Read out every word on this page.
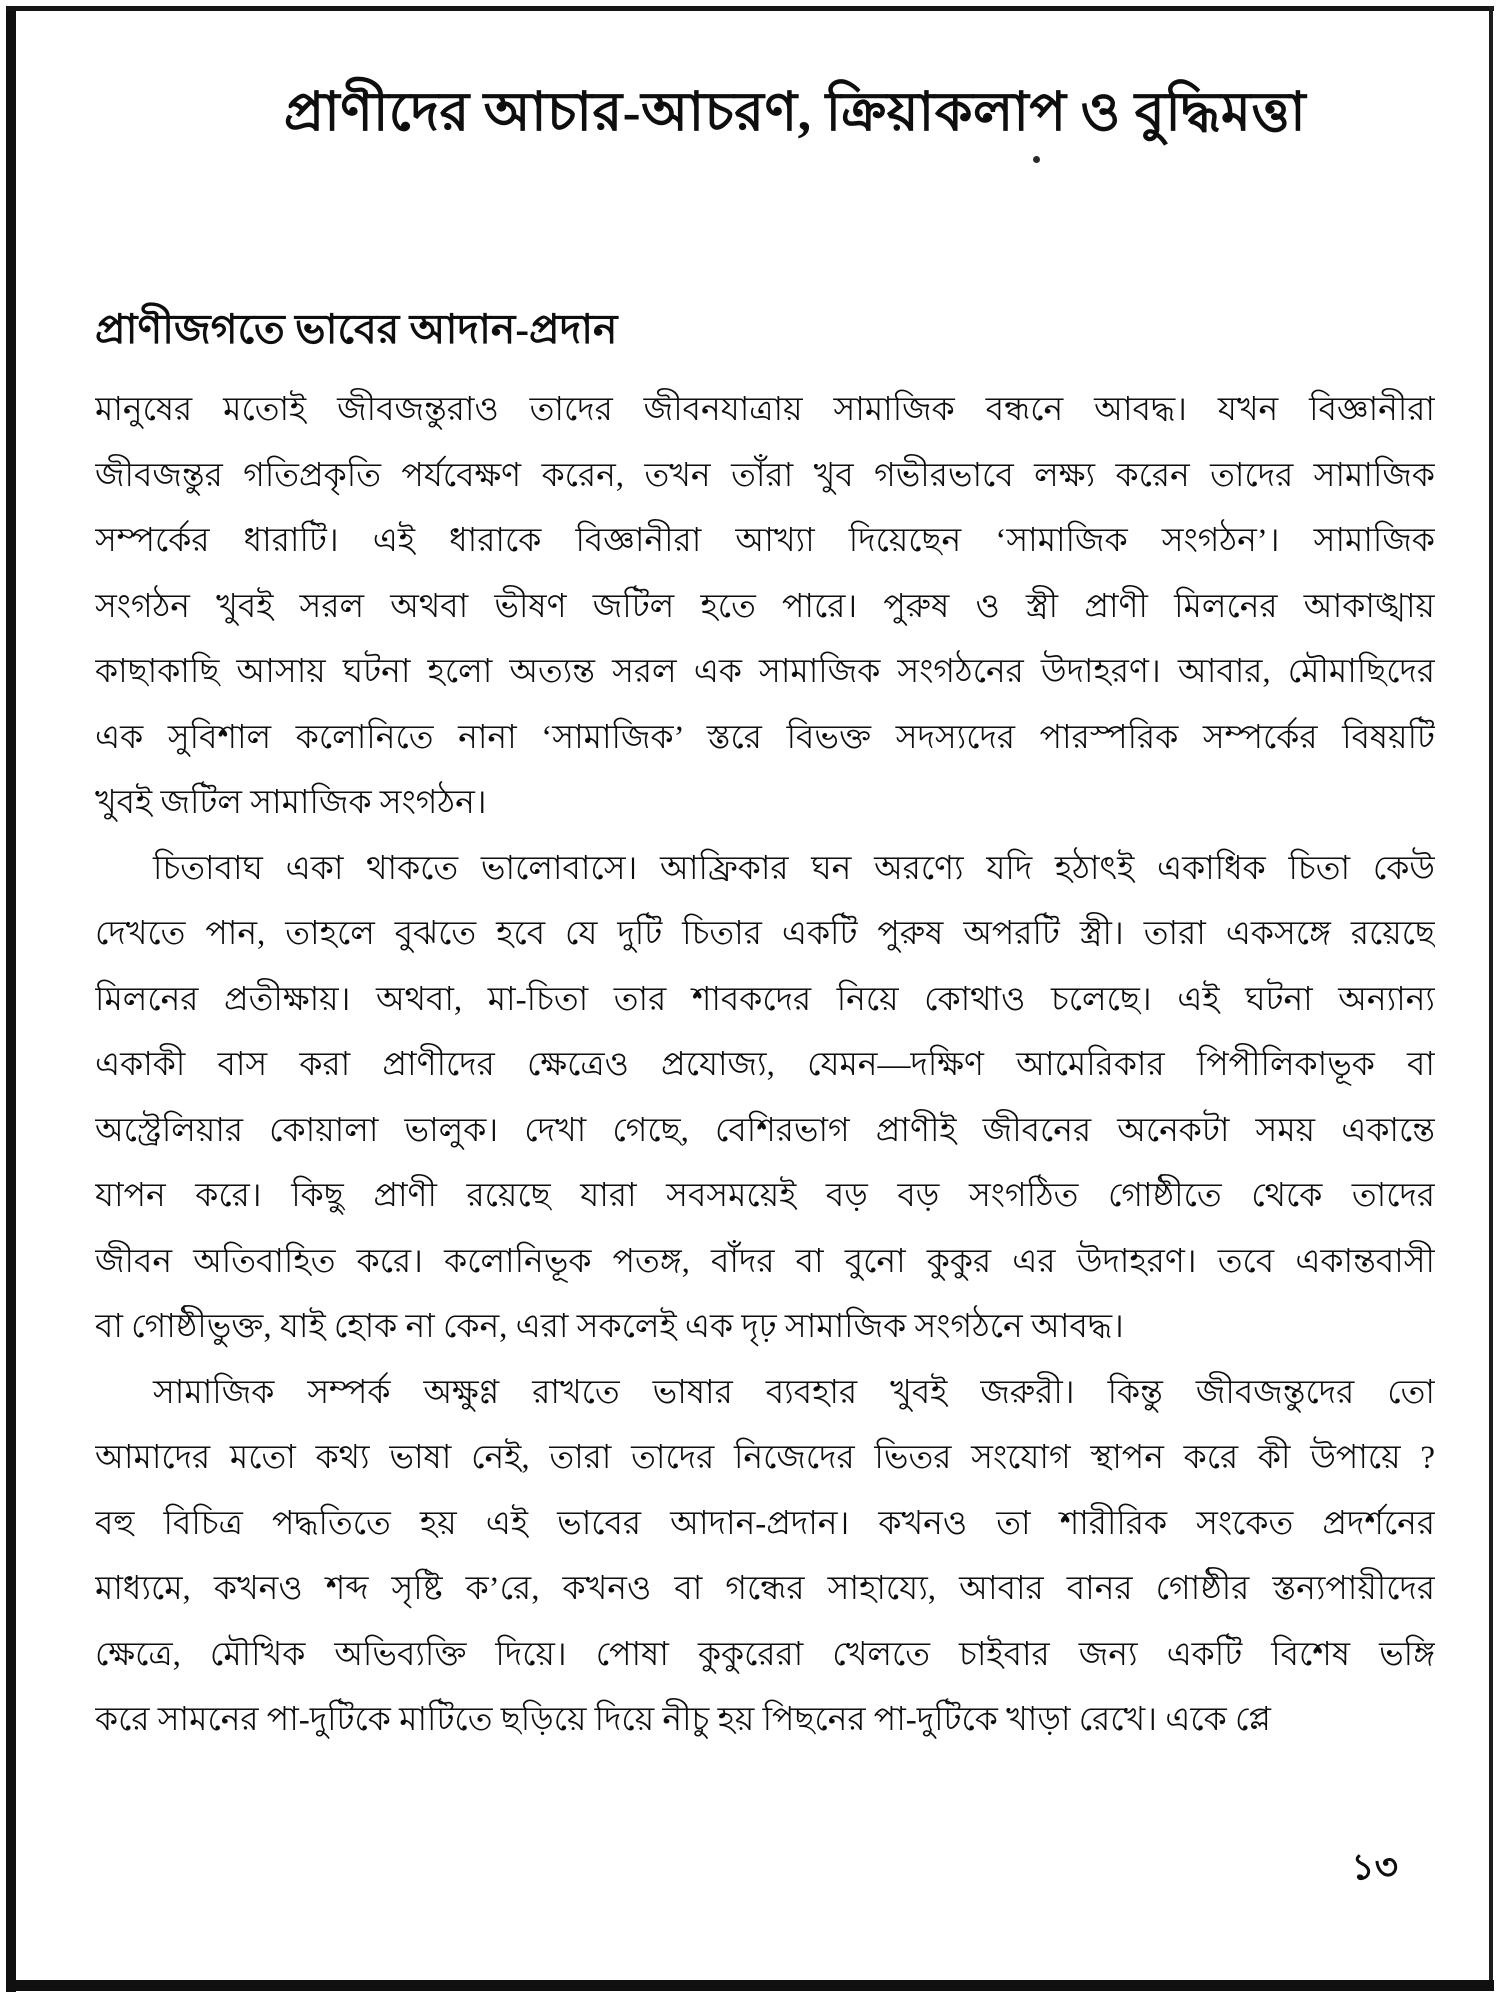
প্রাণীদের আচার-আচরণ, ক্রিয়াকলাপ ও বুদ্ধিমত্তা
প্রাণীজগতে ভাবের আদান-প্রদান
মানুষের মতোই জীবজন্তুরাও তাদের জীবনযাত্রায় সামাজিক বন্ধনে আবদ্ধ। যখন বিজ্ঞানীরা
জীবজন্তুর গতিপ্রকৃতি পর্যবেক্ষণ করেন, তখন তাঁরা খুব গভীরভাবে লক্ষ্য করেন তাদের সামাজিক
সম্পর্কের ধারাটি। এই ধারাকে বিজ্ঞানীরা আখ্যা দিয়েছেন ‘সামাজিক সংগঠন’। সামাজিক
সংগঠন খুবই সরল অথবা ভীষণ জটিল হতে পারে। পুরুষ ও স্ত্রী প্রাণী মিলনের আকাঙ্খায়
কাছাকাছি আসায় ঘটনা হলো অত্যন্ত সরল এক সামাজিক সংগঠনের উদাহরণ। আবার, মৌমাছিদের
এক সুবিশাল কলোনিতে নানা ‘সামাজিক’ স্তরে বিভক্ত সদস্যদের পারস্পরিক সম্পর্কের বিষয়টি
খুবই জটিল সামাজিক সংগঠন।
চিতাবাঘ একা থাকতে ভালোবাসে। আফ্রিকার ঘন অরণ্যে যদি হঠাৎই একাধিক চিতা কেউ
দেখতে পান, তাহলে বুঝতে হবে যে দুটি চিতার একটি পুরুষ অপরটি স্ত্রী। তারা একসঙ্গে রয়েছে
মিলনের প্রতীক্ষায়। অথবা, মা-চিতা তার শাবকদের নিয়ে কোথাও চলেছে। এই ঘটনা অন্যান্য
একাকী বাস করা প্রাণীদের ক্ষেত্রেও প্রযোজ্য, যেমন—দক্ষিণ আমেরিকার পিপীলিকাভূক বা
অস্ট্রেলিয়ার কোয়ালা ভালুক। দেখা গেছে, বেশিরভাগ প্রাণীই জীবনের অনেকটা সময় একান্তে
যাপন করে। কিছু প্রাণী রয়েছে যারা সবসময়েই বড় বড় সংগঠিত গোষ্ঠীতে থেকে তাদের
জীবন অতিবাহিত করে। কলোনিভূক পতঙ্গ, বাঁদর বা বুনো কুকুর এর উদাহরণ। তবে একান্তবাসী
বা গোষ্ঠীভুক্ত, যাই হোক না কেন, এরা সকলেই এক দৃঢ় সামাজিক সংগঠনে আবদ্ধ।
সামাজিক সম্পর্ক অক্ষুণ্ণ রাখতে ভাষার ব্যবহার খুবই জরুরী। কিন্তু জীবজন্তুদের তো
আমাদের মতো কথ্য ভাষা নেই, তারা তাদের নিজেদের ভিতর সংযোগ স্থাপন করে কী উপায়ে ?
বহু বিচিত্র পদ্ধতিতে হয় এই ভাবের আদান-প্রদান। কখনও তা শারীরিক সংকেত প্রদর্শনের
মাধ্যমে, কখনও শব্দ সৃষ্টি ক’রে, কখনও বা গন্ধের সাহায্যে, আবার বানর গোষ্ঠীর স্তন্যপায়ীদের
ক্ষেত্রে, মৌখিক অভিব্যক্তি দিয়ে। পোষা কুকুরেরা খেলতে চাইবার জন্য একটি বিশেষ ভঙ্গি
করে সামনের পা-দুটিকে মাটিতে ছড়িয়ে দিয়ে নীচু হয় পিছনের পা-দুটিকে খাড়া রেখে। একে প্লে
১৩
